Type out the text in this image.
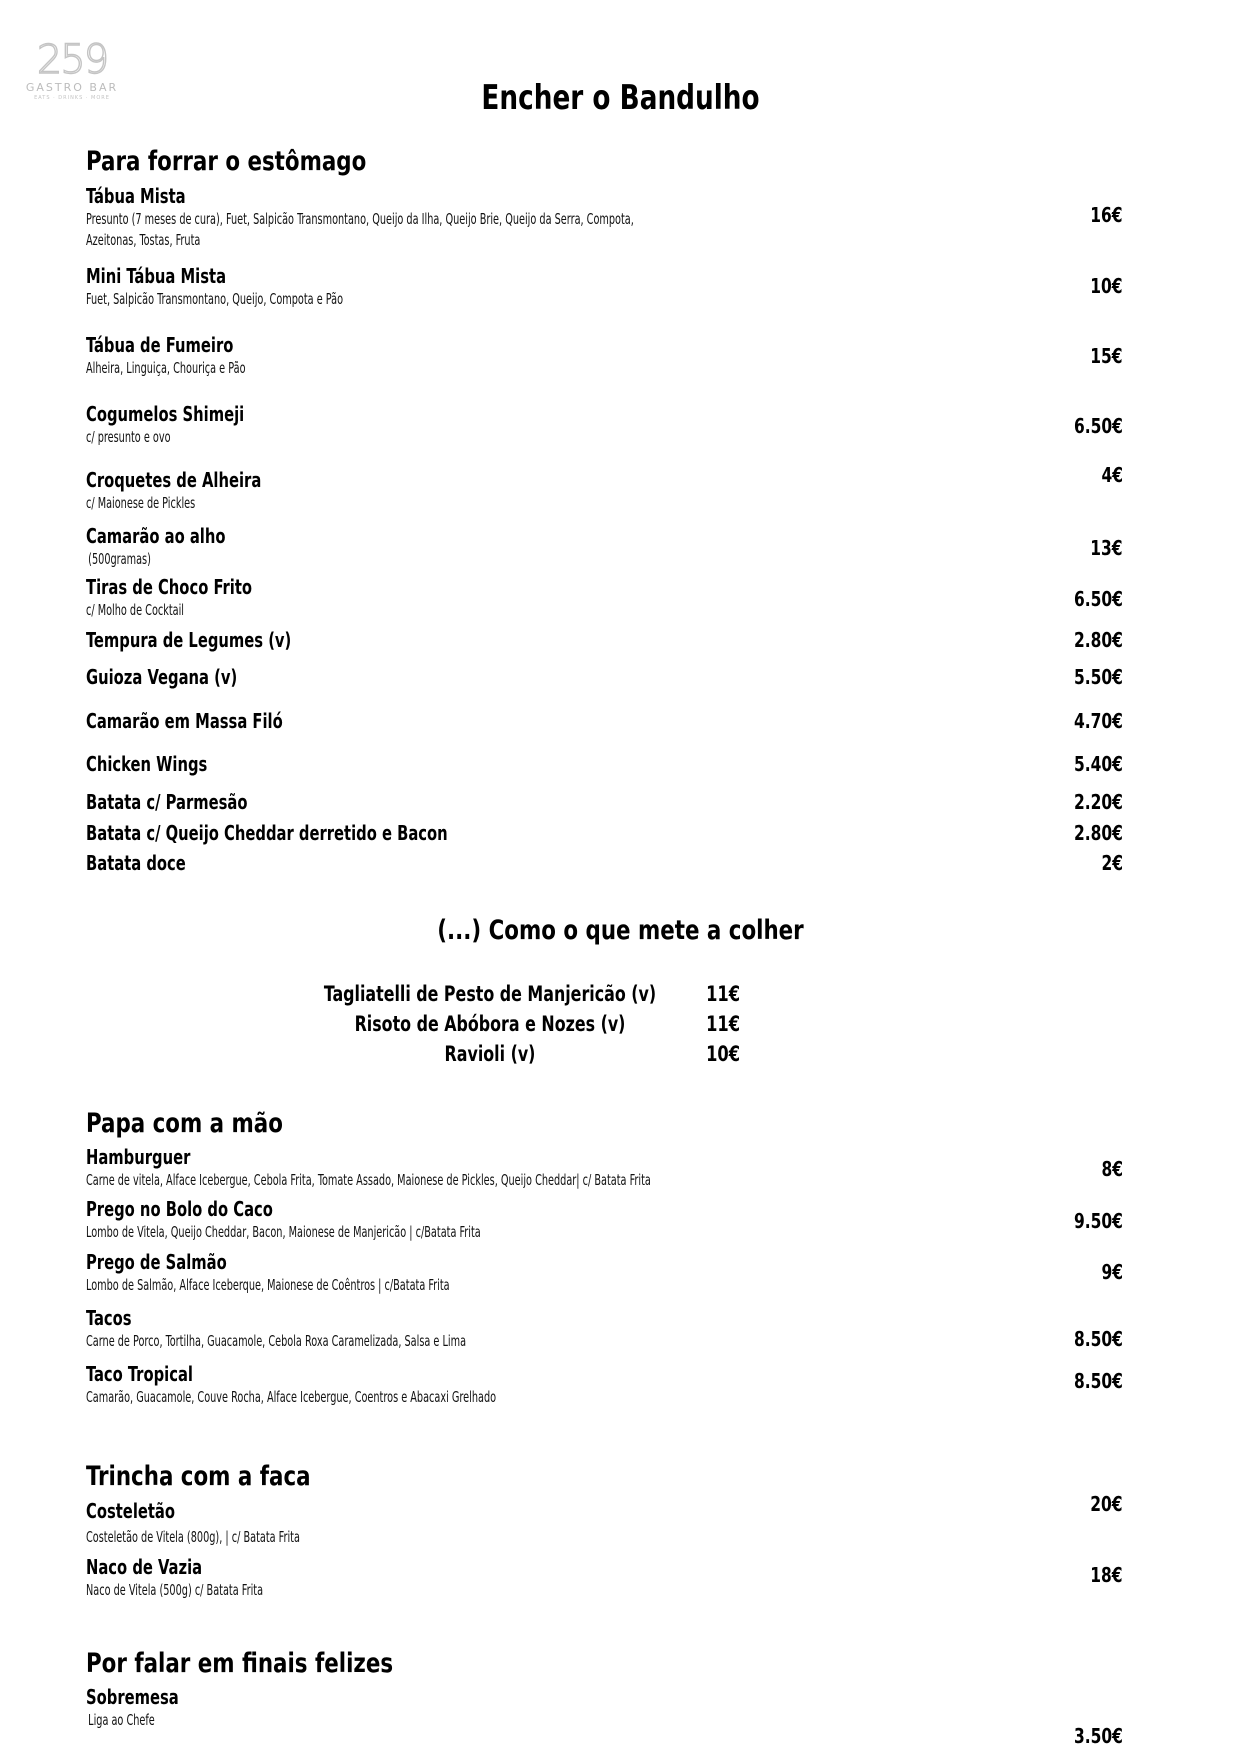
259
GASTRO BAR
EATS · DRINKS · MORE	Encher o Bandulho
Para forrar o estômago
Tábua Mista
Presunto (7 meses de cura), Fuet, Salpicão Transmontano, Queijo da Ilha, Queijo Brie, Queijo da Serra, Compota,
Azeitonas, Tostas, Fruta
16€
Mini Tábua Mista
Fuet, Salpicão Transmontano, Queijo, Compota e Pão
10€
Tábua de Fumeiro
Alheira, Linguiça, Chouriça e Pão	15€
Cogumelos Shimeji
c/ presunto e ovo	6.50€
Croquetes de Alheira
c/ Maionese de Pickles
4€
Camarão ao alho
(500gramas)	13€
Tiras de Choco Frito
c/ Molho de Cocktail	6.50€
Tempura de Legumes (v)	2.80€
Guioza Vegana (v)	5.50€
Camarão em Massa Filó	4.70€
Chicken Wings	5.40€
Batata c/ Parmesão	2.20€
Batata c/ Queijo Cheddar derretido e Bacon	2.80€
Batata doce	2€
(...) Como o que mete a colher
Tagliatelli de Pesto de Manjericão (v) 11€
Risoto de Abóbora e Nozes (v)	11€
Ravioli (v)	10€
Papa com a mão
Hamburguer
Carne de vitela, Alface Icebergue, Cebola Frita, Tomate Assado, Maionese de Pickles, Queijo Cheddar| c/ Batata Frita	8€
Prego no Bolo do Caco
Lombo de Vitela, Queijo Cheddar, Bacon, Maionese de Manjericão | c/Batata Frita	9.50€
Prego de Salmão
Lombo de Salmão, Alface Iceberque, Maionese de Coêntros | c/Batata Frita
9€
Tacos
Carne de Porco, Tortilha, Guacamole, Cebola Roxa Caramelizada, Salsa e Lima	8.50€
Taco Tropical
Camarão, Guacamole, Couve Rocha, Alface Icebergue, Coentros e Abacaxi Grelhado
8.50€
Trincha com a faca
Costeletão
Costeletão de Vitela (800g), | c/ Batata Frita
20€
Naco de Vazia
Naco de Vitela (500g) c/ Batata Frita
18€
Por falar em finais felizes
Sobremesa
Liga ao Chefe
3.50€
